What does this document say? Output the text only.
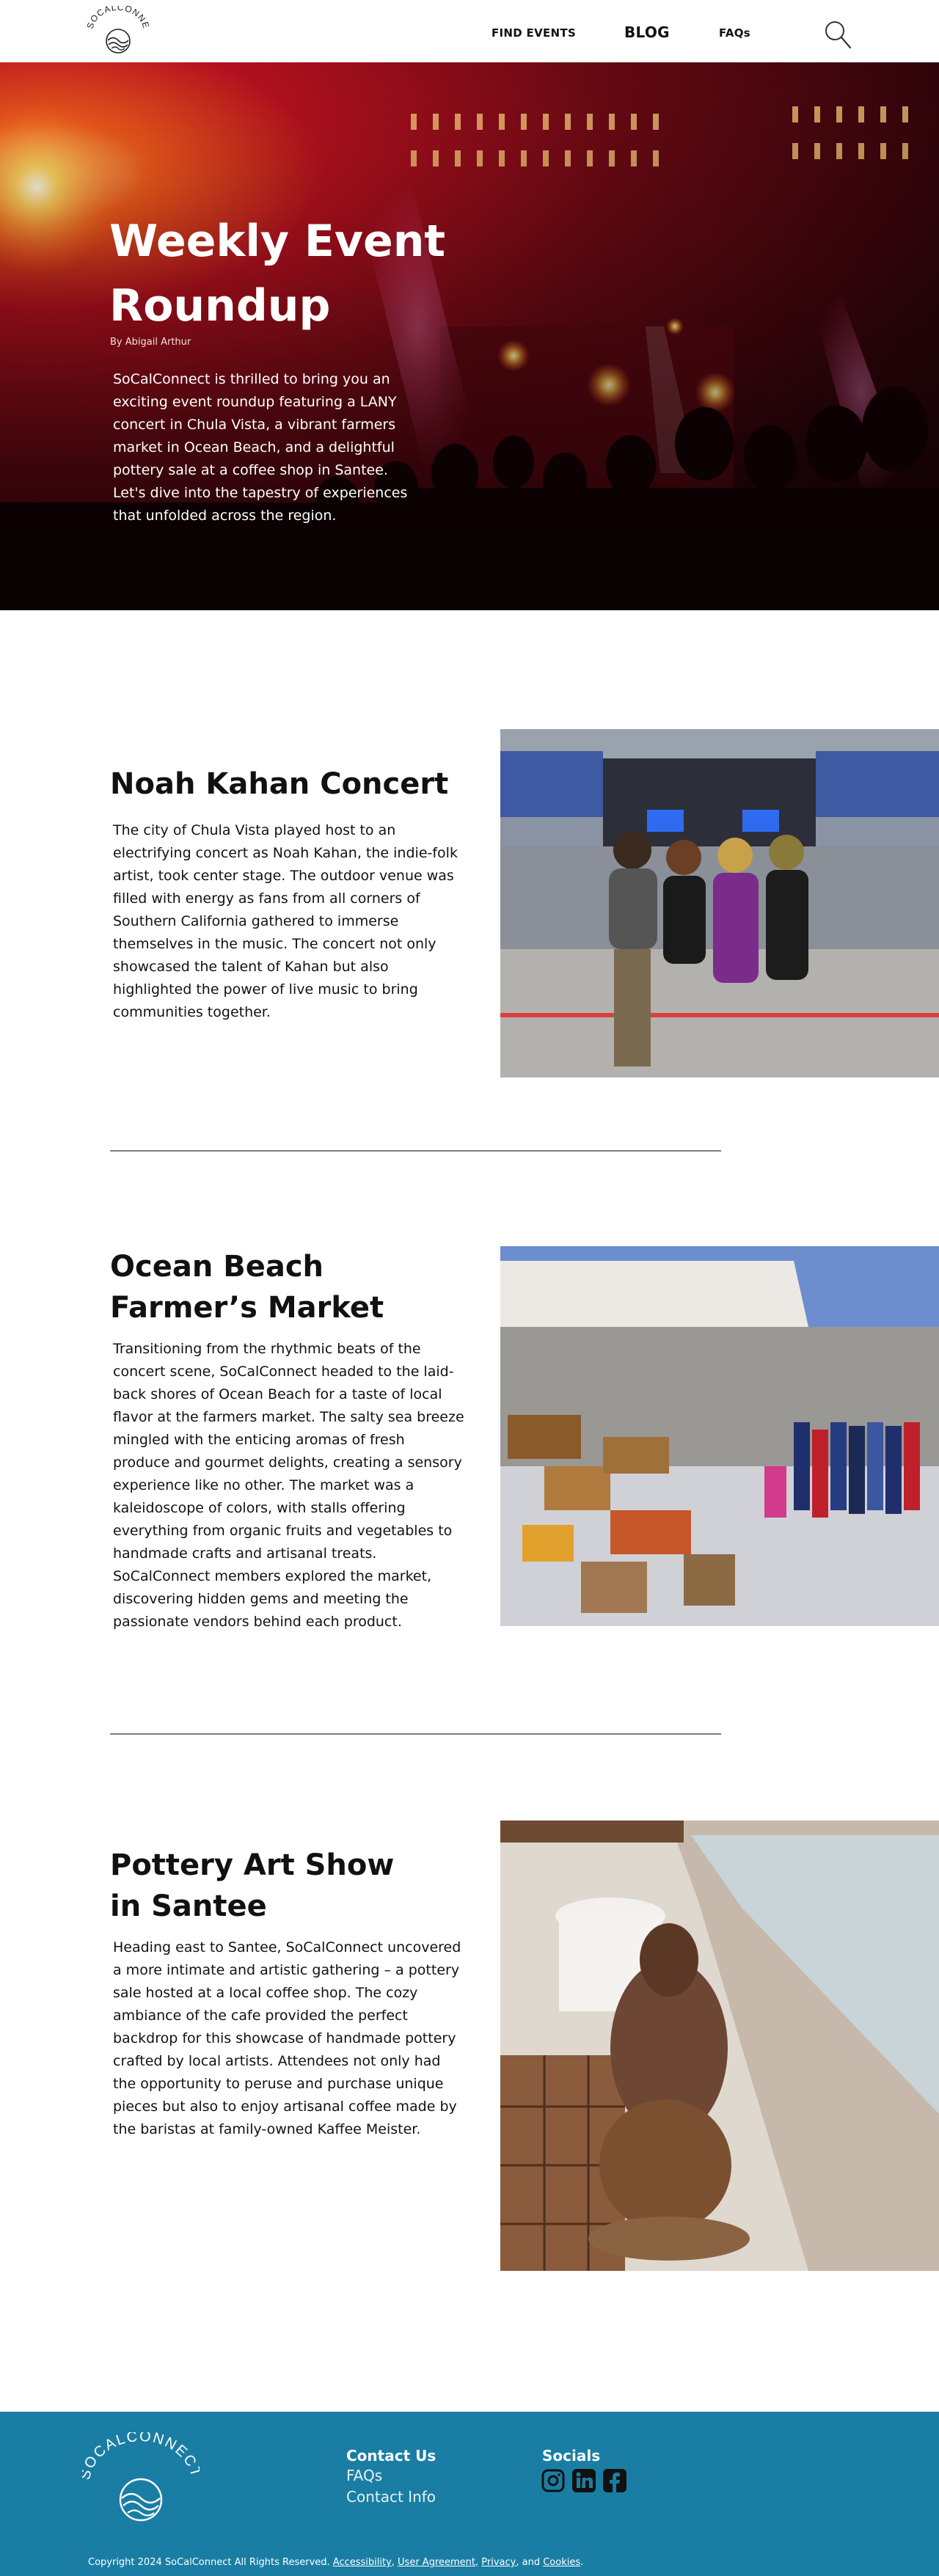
SOCALCONNE
FIND EVENTS	BLOG	FAQs
Weekly Event
Roundup
By Abigail Arthur

SoCalConnect is thrilled to bring you an exciting event roundup featuring a LANY concert in Chula Vista, a vibrant farmers market in Ocean Beach, and a delightful pottery sale at a coffee shop in Santee. Let's dive into the tapestry of experiences that unfolded across the region.

Noah Kahan Concert

The city of Chula Vista played host to an electrifying concert as Noah Kahan, the indie-folk artist, took center stage. The outdoor venue was filled with energy as fans from all corners of Southern California gathered to immerse themselves in the music. The concert not only showcased the talent of Kahan but also highlighted the power of live music to bring communities together.

Ocean Beach
Farmer’s Market

Transitioning from the rhythmic beats of the concert scene, SoCalConnect headed to the laid-back shores of Ocean Beach for a taste of local flavor at the farmers market. The salty sea breeze mingled with the enticing aromas of fresh produce and gourmet delights, creating a sensory experience like no other. The market was a kaleidoscope of colors, with stalls offering everything from organic fruits and vegetables to handmade crafts and artisanal treats. SoCalConnect members explored the market, discovering hidden gems and meeting the passionate vendors behind each product.

Pottery Art Show
in Santee

Heading east to Santee, SoCalConnect uncovered a more intimate and artistic gathering – a pottery sale hosted at a local coffee shop. The cozy ambiance of the cafe provided the perfect backdrop for this showcase of handmade pottery crafted by local artists. Attendees not only had the opportunity to peruse and purchase unique pieces but also to enjoy artisanal coffee made by the baristas at family-owned Kaffee Meister.

OCALCONNEC	Contact Us
FAQs
Contact Info
Socials
Copyright 2024 SoCalConnect All Rights Reserved. Accessibility, User Agreement, Privacy, and Cookies.
